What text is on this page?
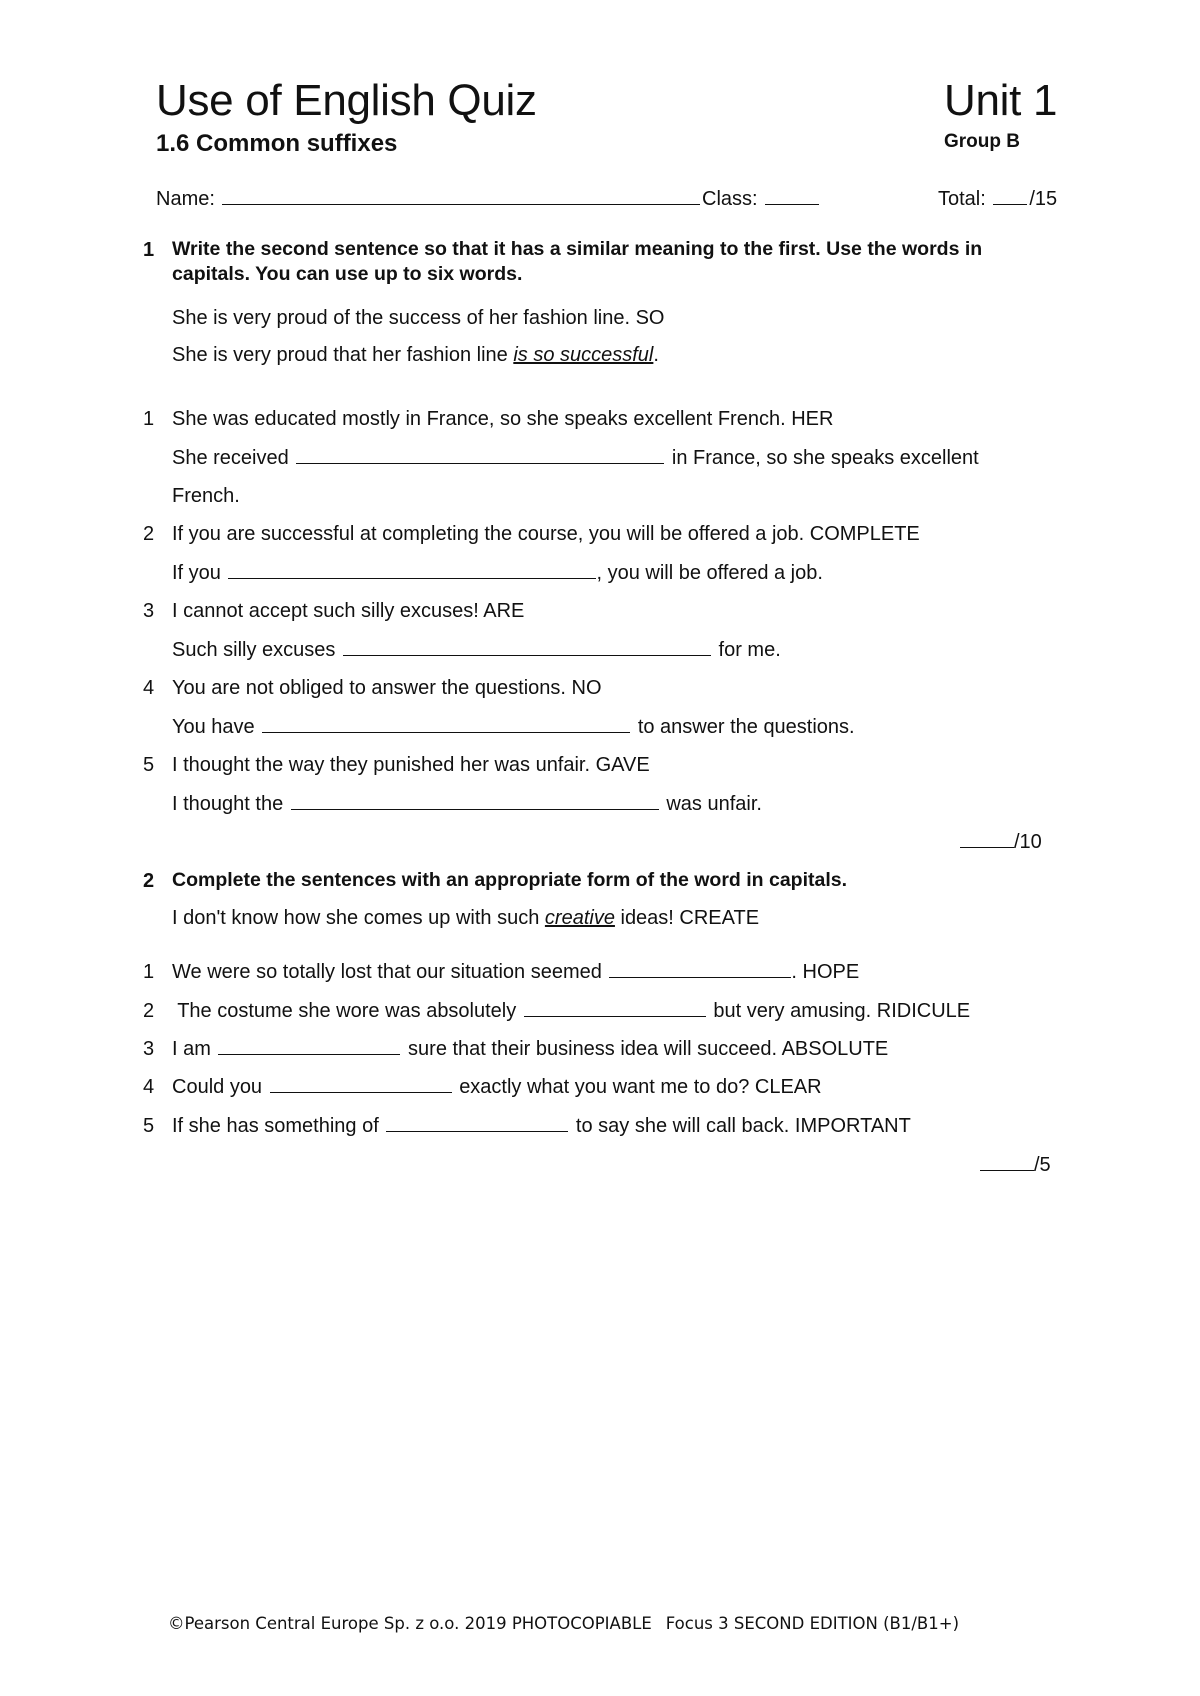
Use of English Quiz	Unit 1
1.6 Common suffixes	Group B
Name:	Class:	Total: /15
1 Write the second sentence so that it has a similar meaning to the first. Use the words in capitals. You can use up to six words.
She is very proud of the success of her fashion line. SO
She is very proud that her fashion line is so successful.
1 She was educated mostly in France, so she speaks excellent French. HER
She received	in France, so she speaks excellent
French.
2 If you are successful at completing the course, you will be offered a job. COMPLETE
If you	, you will be offered a job.
3 I cannot accept such silly excuses! ARE
Such silly excuses	for me.
4 You are not obliged to answer the questions. NO
You have	to answer the questions.
5 I thought the way they punished her was unfair. GAVE
I thought the	was unfair.
/10
2 Complete the sentences with an appropriate form of the word in capitals.
I don't know how she comes up with such creative ideas! CREATE
1 We were so totally lost that our situation seemed	. HOPE
2 The costume she wore was absolutely	but very amusing. RIDICULE
3 I am	sure that their business idea will succeed. ABSOLUTE
4 Could you	exactly what you want me to do? CLEAR
5 If she has something of	to say she will call back. IMPORTANT
/5
©Pearson Central Europe Sp. z o.o. 2019 PHOTOCOPIABLE Focus 3 SECOND EDITION (B1/B1+)
